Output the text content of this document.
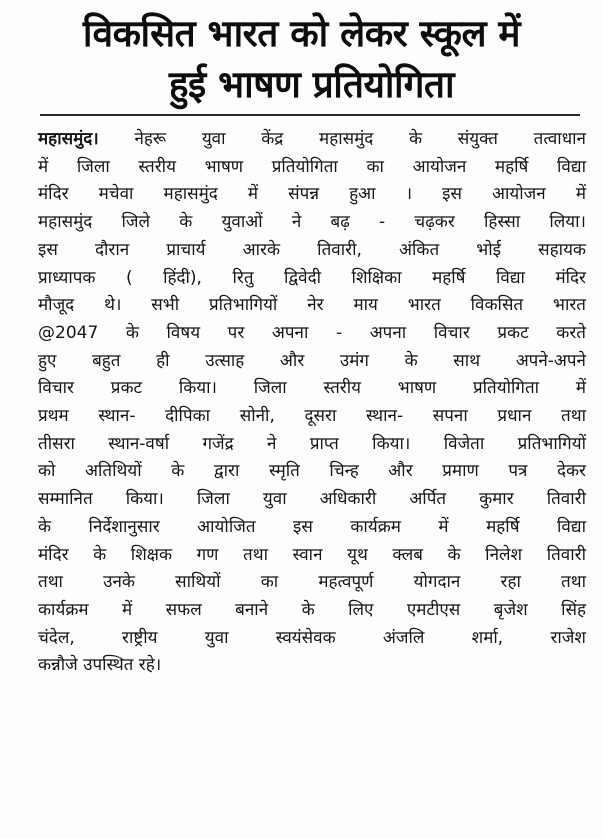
विकसित भारत को लेकर स्कूल में
हुई भाषण प्रतियोगिता
महासमुंद। नेहरू युवा केंद्र महासमुंद के संयुक्त तत्वाधान
में जिला स्तरीय भाषण प्रतियोगिता का आयोजन महर्षि विद्या
मंदिर मचेवा महासमुंद में संपन्न हुआ । इस आयोजन में
महासमुंद जिले के युवाओं ने बढ़ - चढ़कर हिस्सा लिया।
इस दौरान प्राचार्य आरके तिवारी, अंकित भोई सहायक
प्राध्यापक ( हिंदी), रितु द्विवेदी शिक्षिका महर्षि विद्या मंदिर
मौजूद थे। सभी प्रतिभागियों नेर माय भारत विकसित भारत
@2047 के विषय पर अपना - अपना विचार प्रकट करते
हुए बहुत ही उत्साह और उमंग के साथ अपने-अपने
विचार प्रकट किया। जिला स्तरीय भाषण प्रतियोगिता में
प्रथम स्थान- दीपिका सोनी, दूसरा स्थान- सपना प्रधान तथा
तीसरा स्थान-वर्षा गजेंद्र ने प्राप्त किया। विजेता प्रतिभागियों
को अतिथियों के द्वारा स्मृति चिन्ह और प्रमाण पत्र देकर
सम्मानित किया। जिला युवा अधिकारी अर्पित कुमार तिवारी
के निर्देशानुसार आयोजित इस कार्यक्रम में महर्षि विद्या
मंदिर के शिक्षक गण तथा स्वान यूथ क्लब के निलेश तिवारी
तथा उनके साथियों का महत्वपूर्ण योगदान रहा तथा
कार्यक्रम में सफल बनाने के लिए एमटीएस बृजेश सिंह
चंदेल, राष्ट्रीय युवा स्वयंसेवक अंजलि शर्मा, राजेश
कन्नौजे उपस्थित रहे।
